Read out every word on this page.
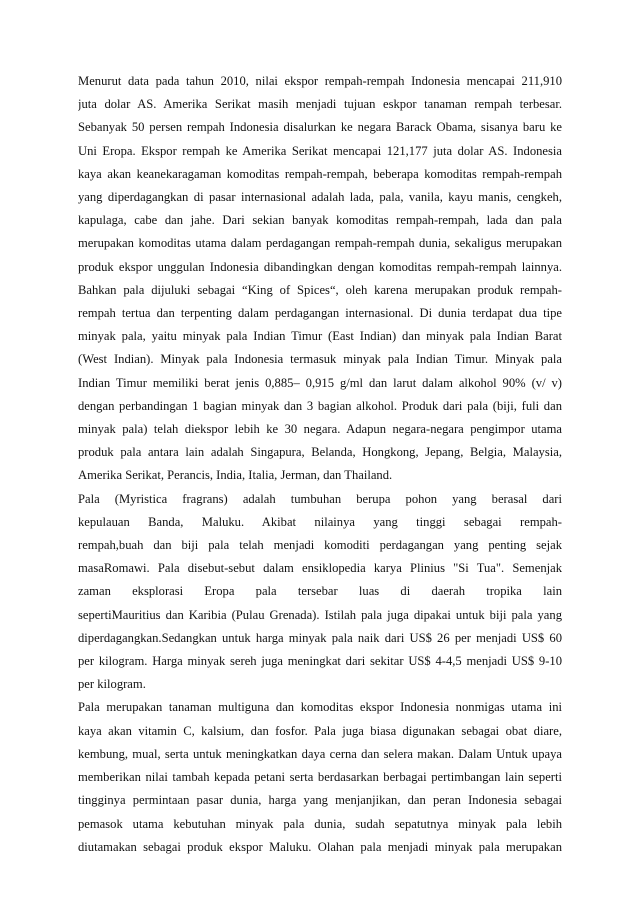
Menurut data pada tahun 2010, nilai ekspor rempah-rempah Indonesia mencapai 211,910
juta dolar AS. Amerika Serikat masih menjadi tujuan eskpor tanaman rempah terbesar.
Sebanyak 50 persen rempah Indonesia disalurkan ke negara Barack Obama, sisanya baru ke
Uni Eropa. Ekspor rempah ke Amerika Serikat mencapai 121,177 juta dolar AS. Indonesia
kaya akan keanekaragaman komoditas rempah-rempah, beberapa komoditas rempah-rempah
yang diperdagangkan di pasar internasional adalah lada, pala, vanila, kayu manis, cengkeh,
kapulaga, cabe dan jahe. Dari sekian banyak komoditas rempah-rempah, lada dan pala
merupakan komoditas utama dalam perdagangan rempah-rempah dunia, sekaligus merupakan
produk ekspor unggulan Indonesia dibandingkan dengan komoditas rempah-rempah lainnya.
Bahkan pala dijuluki sebagai “King of Spices“, oleh karena merupakan produk rempah-
rempah tertua dan terpenting dalam perdagangan internasional. Di dunia terdapat dua tipe
minyak pala, yaitu minyak pala Indian Timur (East Indian) dan minyak pala Indian Barat
(West Indian). Minyak pala Indonesia termasuk minyak pala Indian Timur. Minyak pala
Indian Timur memiliki berat jenis 0,885– 0,915 g/ml dan larut dalam alkohol 90% (v/ v)
dengan perbandingan 1 bagian minyak dan 3 bagian alkohol. Produk dari pala (biji, fuli dan
minyak pala) telah diekspor lebih ke 30 negara. Adapun negara-negara pengimpor utama
produk pala antara lain adalah Singapura, Belanda, Hongkong, Jepang, Belgia, Malaysia,
Amerika Serikat, Perancis, India, Italia, Jerman, dan Thailand.

Pala (Myristica fragrans) adalah tumbuhan berupa pohon yang berasal dari
kepulauan Banda, Maluku. Akibat nilainya yang tinggi sebagai rempah-
rempah,buah dan biji pala telah menjadi komoditi perdagangan yang penting sejak
masaRomawi. Pala disebut-sebut dalam ensiklopedia karya Plinius "Si Tua". Semenjak
zaman eksplorasi Eropa pala tersebar luas di daerah tropika lain
sepertiMauritius dan Karibia (Pulau Grenada). Istilah pala juga dipakai untuk biji pala yang
diperdagangkan.Sedangkan untuk harga minyak pala naik dari US$ 26 per menjadi US$ 60
per kilogram. Harga minyak sereh juga meningkat dari sekitar US$ 4-4,5 menjadi US$ 9-10
per kilogram.

Pala merupakan tanaman multiguna dan komoditas ekspor Indonesia nonmigas utama ini
kaya akan vitamin C, kalsium, dan fosfor. Pala juga biasa digunakan sebagai obat diare,
kembung, mual, serta untuk meningkatkan daya cerna dan selera makan. Dalam Untuk upaya
memberikan nilai tambah kepada petani serta berdasarkan berbagai pertimbangan lain seperti
tingginya permintaan pasar dunia, harga yang menjanjikan, dan peran Indonesia sebagai
pemasok utama kebutuhan minyak pala dunia, sudah sepatutnya minyak pala lebih
diutamakan sebagai produk ekspor Maluku. Olahan pala menjadi minyak pala merupakan
